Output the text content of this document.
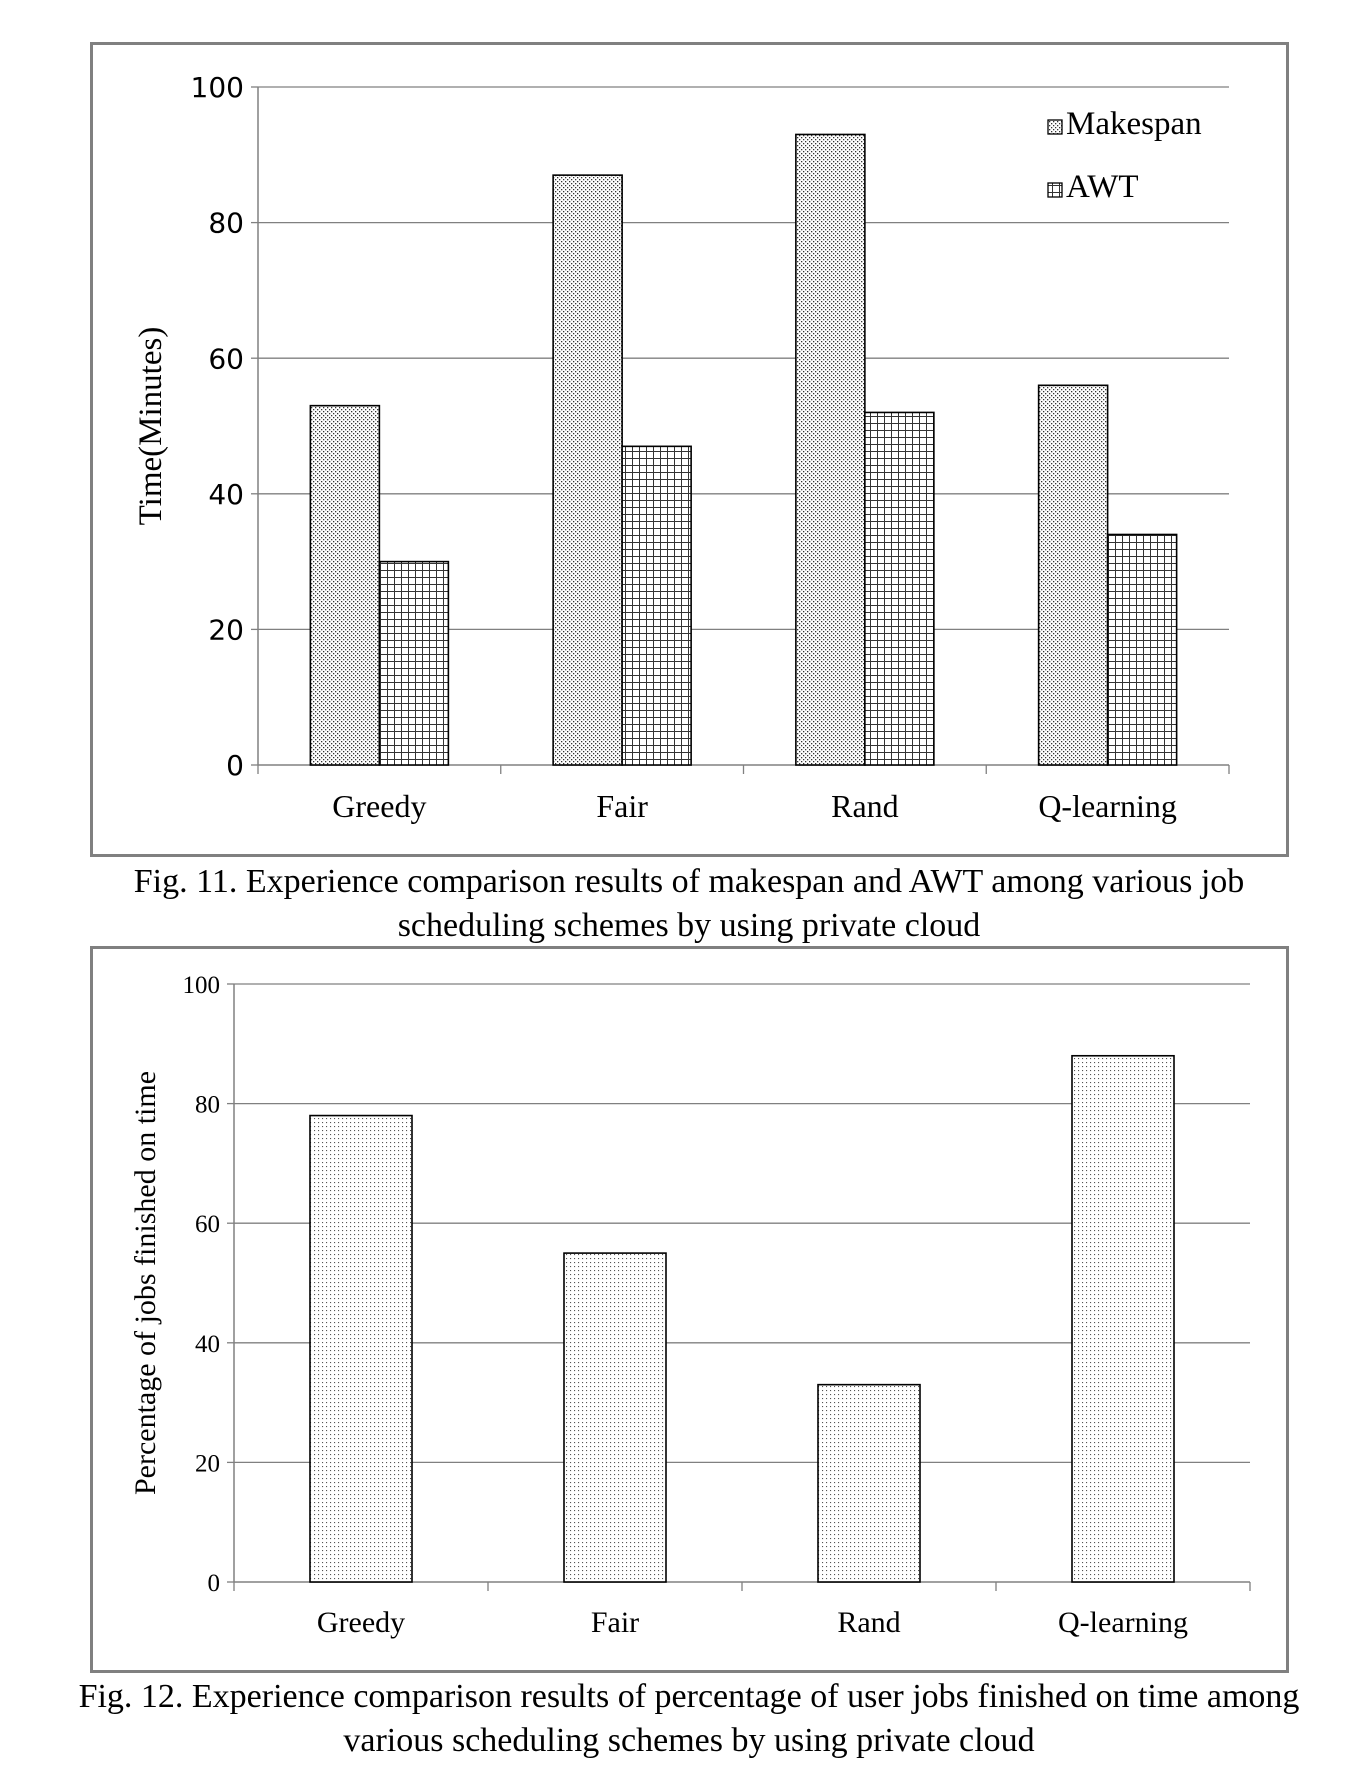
0
20
40
60
80
100
Greedy	Fair	Rand	Q-learning
Time(Minutes)
Makespan
AWT
Fig. 11. Experience comparison results of makespan and AWT among various job scheduling schemes by using private cloud
0
20
40
60
80
100
Greedy	Fair	Rand	Q-learning
Percentage of jobs finished on time
Fig. 12. Experience comparison results of percentage of user jobs finished on time among various scheduling schemes by using private cloud
